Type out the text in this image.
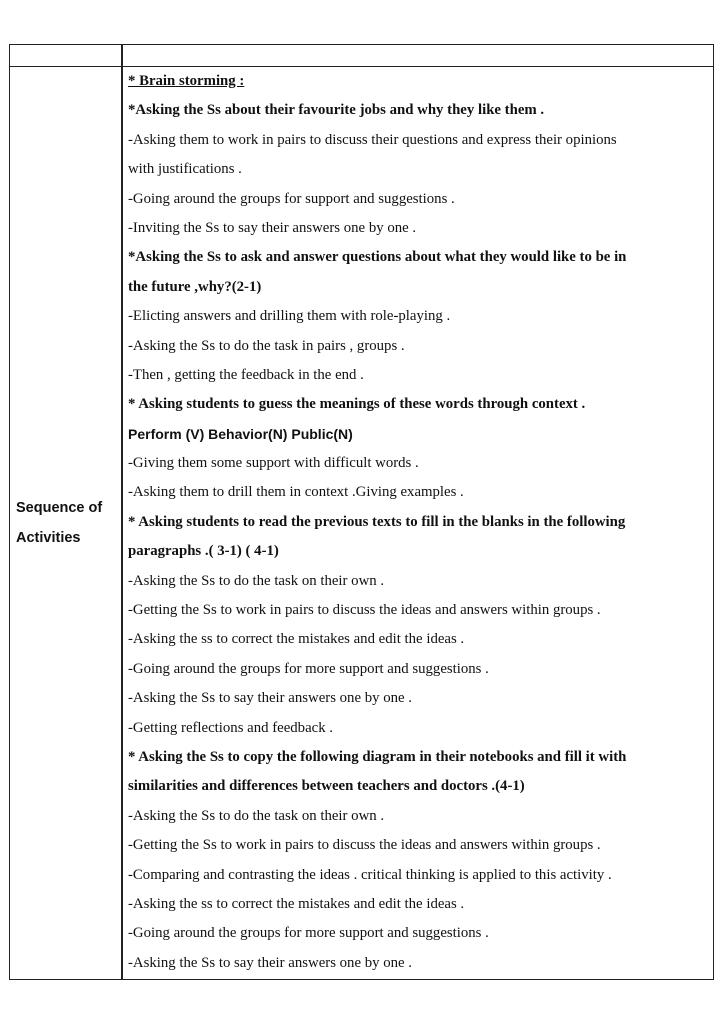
Sequence of
Activities
* Brain storming :
*Asking the Ss about their favourite jobs and why they like them .
-Asking them to work in pairs to discuss their questions and express their opinions
with justifications .
-Going around the groups for support and suggestions .
-Inviting the Ss to say their answers one by one .
*Asking the Ss to ask and answer questions about what they would like to be in
the future ,why?(2-1)
-Elicting answers and drilling them with role-playing .
-Asking the Ss to do the task in pairs , groups .
-Then , getting the feedback in the end .
* Asking students to guess the meanings of these words through context .
Perform (V) Behavior(N) Public(N)
-Giving them some support with difficult words .
-Asking them to drill them in context .Giving examples .
* Asking students to read the previous texts to fill in the blanks in the following
paragraphs .( 3-1) ( 4-1)
-Asking the Ss to do the task on their own .
-Getting the Ss to work in pairs to discuss the ideas and answers within groups .
-Asking the ss to correct the mistakes and edit the ideas .
-Going around the groups for more support and suggestions .
-Asking the Ss to say their answers one by one .
-Getting reflections and feedback .
* Asking the Ss to copy the following diagram in their notebooks and fill it with
similarities and differences between teachers and doctors .(4-1)
-Asking the Ss to do the task on their own .
-Getting the Ss to work in pairs to discuss the ideas and answers within groups .
-Comparing and contrasting the ideas . critical thinking is applied to this activity .
-Asking the ss to correct the mistakes and edit the ideas .
-Going around the groups for more support and suggestions .
-Asking the Ss to say their answers one by one .
